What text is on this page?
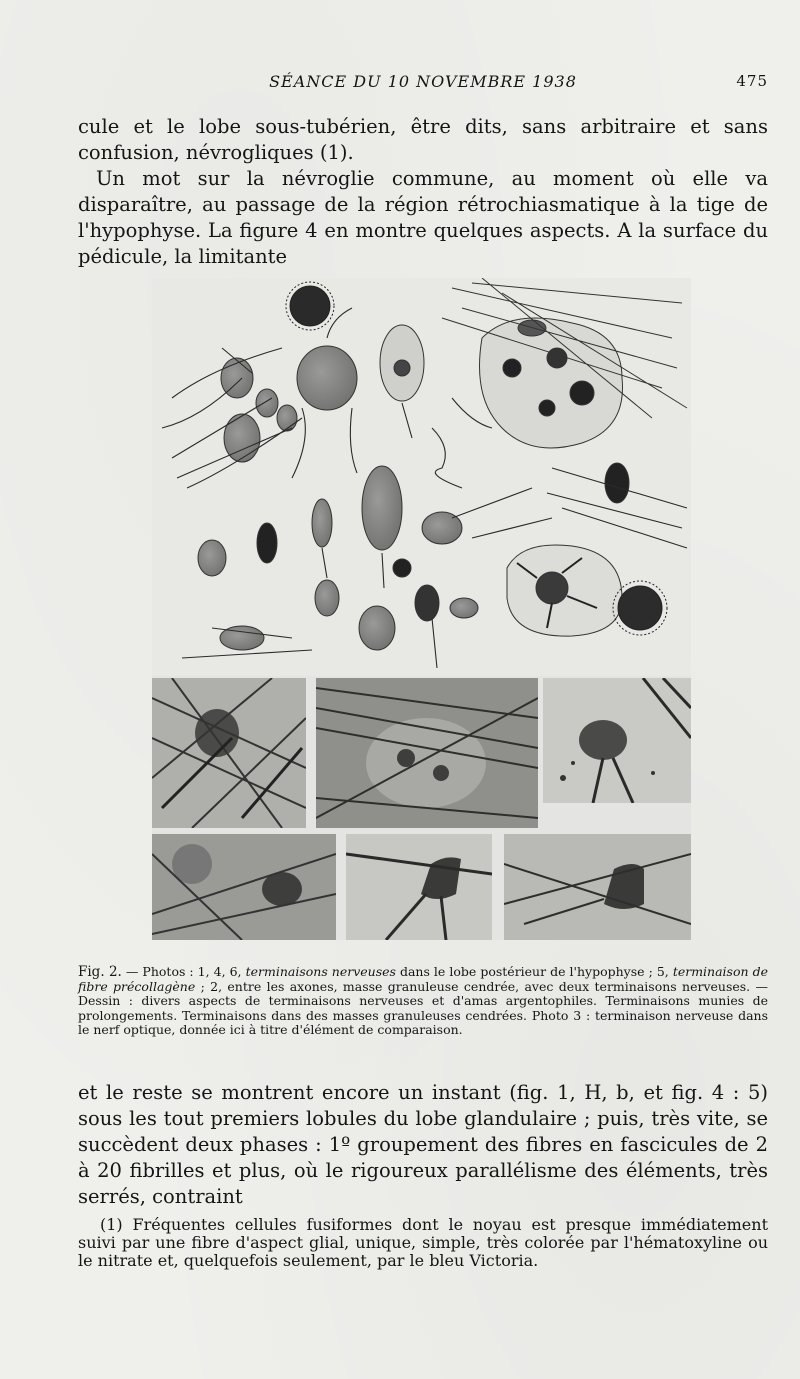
SÉANCE DU 10 NOVEMBRE 1938	475

cule et le lobe sous-tubérien, être dits, sans arbitraire et sans confusion, névrogliques (1).

Un mot sur la névroglie commune, au moment où elle va disparaître, au passage de la région rétrochiasmatique à la tige de l'hypophyse. La figure 4 en montre quelques aspects. A la surface du pédicule, la limitante

Fig. 2. — Photos : 1, 4, 6, terminaisons nerveuses dans le lobe postérieur de l'hypophyse ; 5, terminaison de fibre précollagène ; 2, entre les axones, masse granuleuse cendrée, avec deux terminaisons nerveuses. — Dessin : divers aspects de terminaisons nerveuses et d'amas argentophiles. Terminaisons munies de prolongements. Terminaisons dans des masses granuleuses cendrées. Photo 3 : terminaison nerveuse dans le nerf optique, donnée ici à titre d'élément de comparaison.

et le reste se montrent encore un instant (fig. 1, H, b, et fig. 4 : 5) sous les tout premiers lobules du lobe glandulaire ; puis, très vite, se succèdent deux phases : 1º groupement des fibres en fascicules de 2 à 20 fibrilles et plus, où le rigoureux parallélisme des éléments, très serrés, contraint

(1) Fréquentes cellules fusiformes dont le noyau est presque immédiatement suivi par une fibre d'aspect glial, unique, simple, très colorée par l'hématoxyline ou le nitrate et, quelquefois seulement, par le bleu Victoria.
